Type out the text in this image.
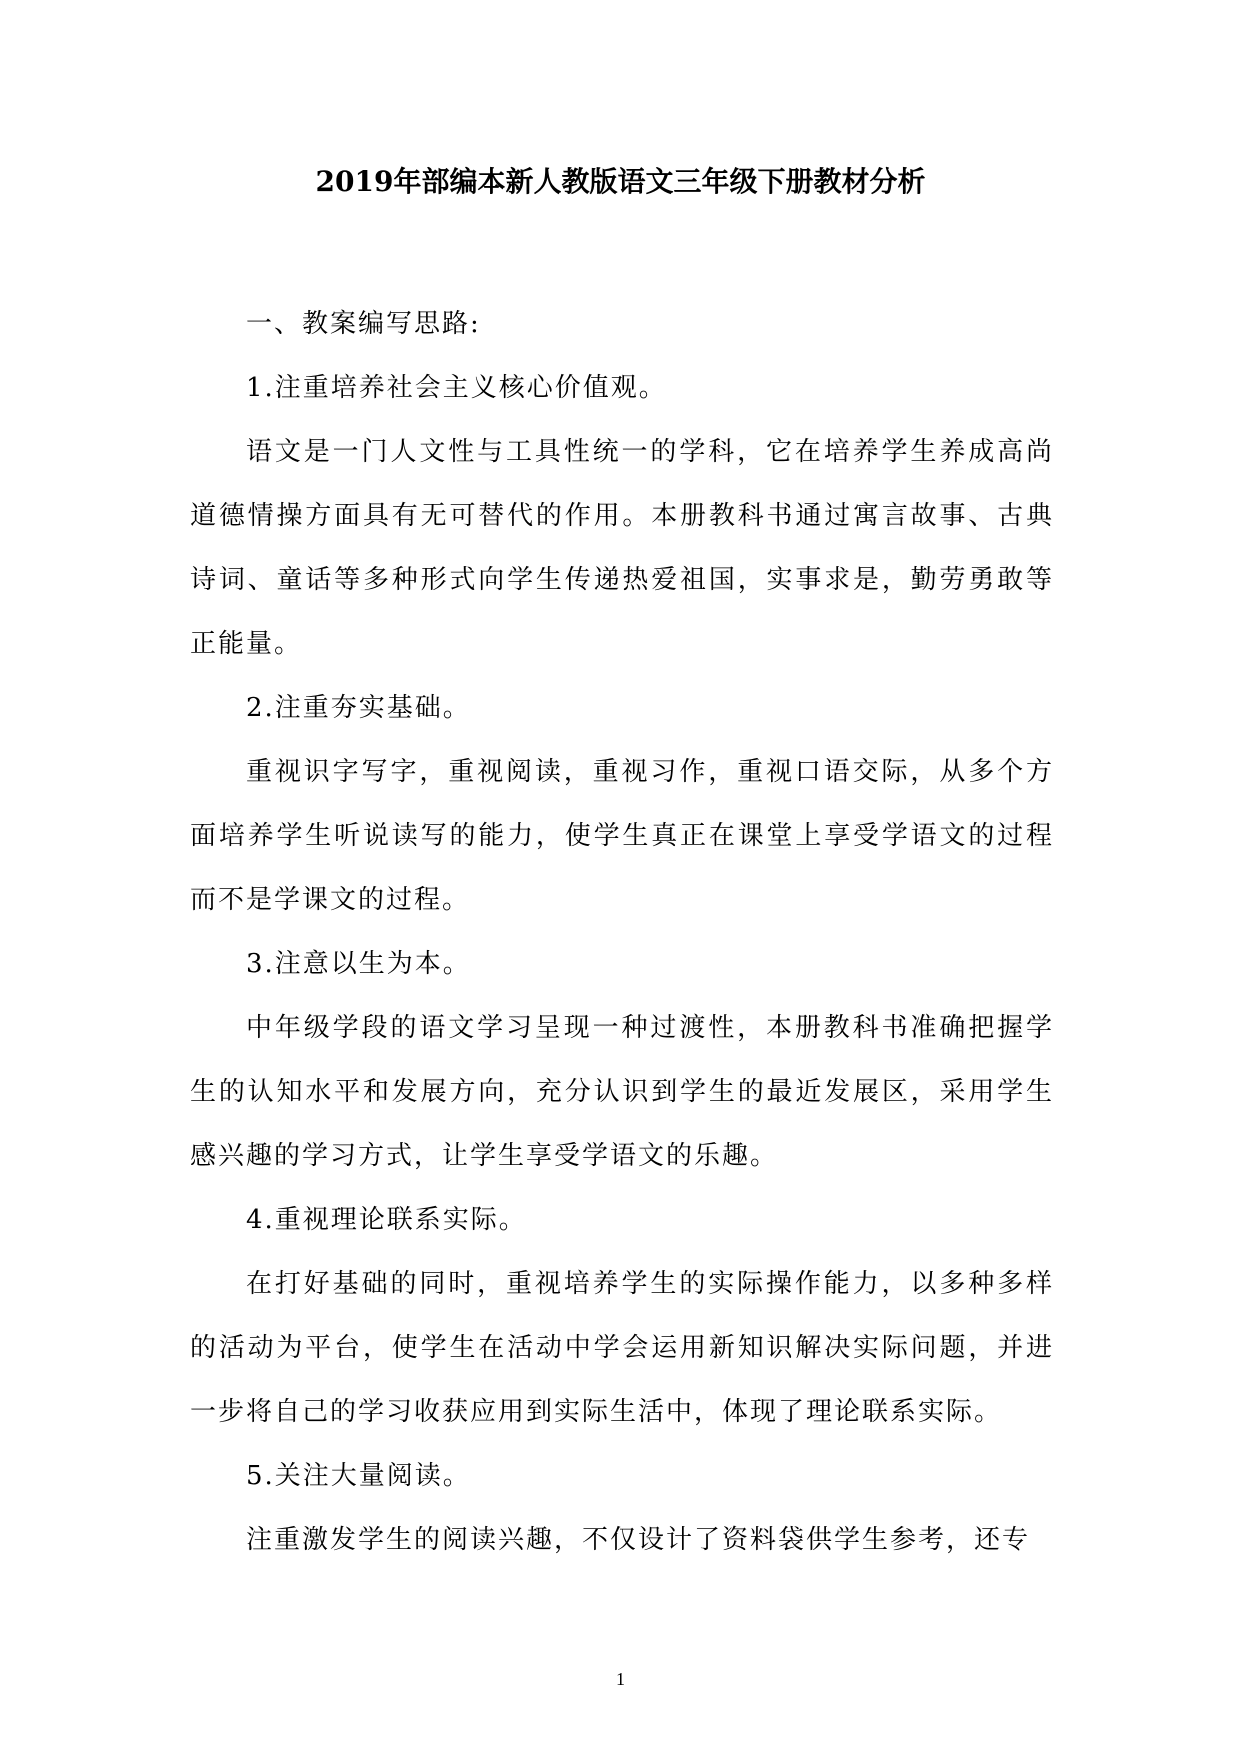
2019年部编本新人教版语文三年级下册教材分析

一、教案编写思路:

1.注重培养社会主义核心价值观。

语文是一门人文性与工具性统一的学科，它在培养学生养成高尚道德情操方面具有无可替代的作用。本册教科书通过寓言故事、古典诗词、童话等多种形式向学生传递热爱祖国，实事求是，勤劳勇敢等正能量。

2.注重夯实基础。

重视识字写字，重视阅读，重视习作，重视口语交际，从多个方面培养学生听说读写的能力，使学生真正在课堂上享受学语文的过程而不是学课文的过程。

3.注意以生为本。

中年级学段的语文学习呈现一种过渡性，本册教科书准确把握学生的认知水平和发展方向，充分认识到学生的最近发展区，采用学生感兴趣的学习方式，让学生享受学语文的乐趣。

4.重视理论联系实际。

在打好基础的同时，重视培养学生的实际操作能力，以多种多样的活动为平台，使学生在活动中学会运用新知识解决实际问题，并进一步将自己的学习收获应用到实际生活中，体现了理论联系实际。

5.关注大量阅读。

注重激发学生的阅读兴趣，不仅设计了资料袋供学生参考，还专

1
